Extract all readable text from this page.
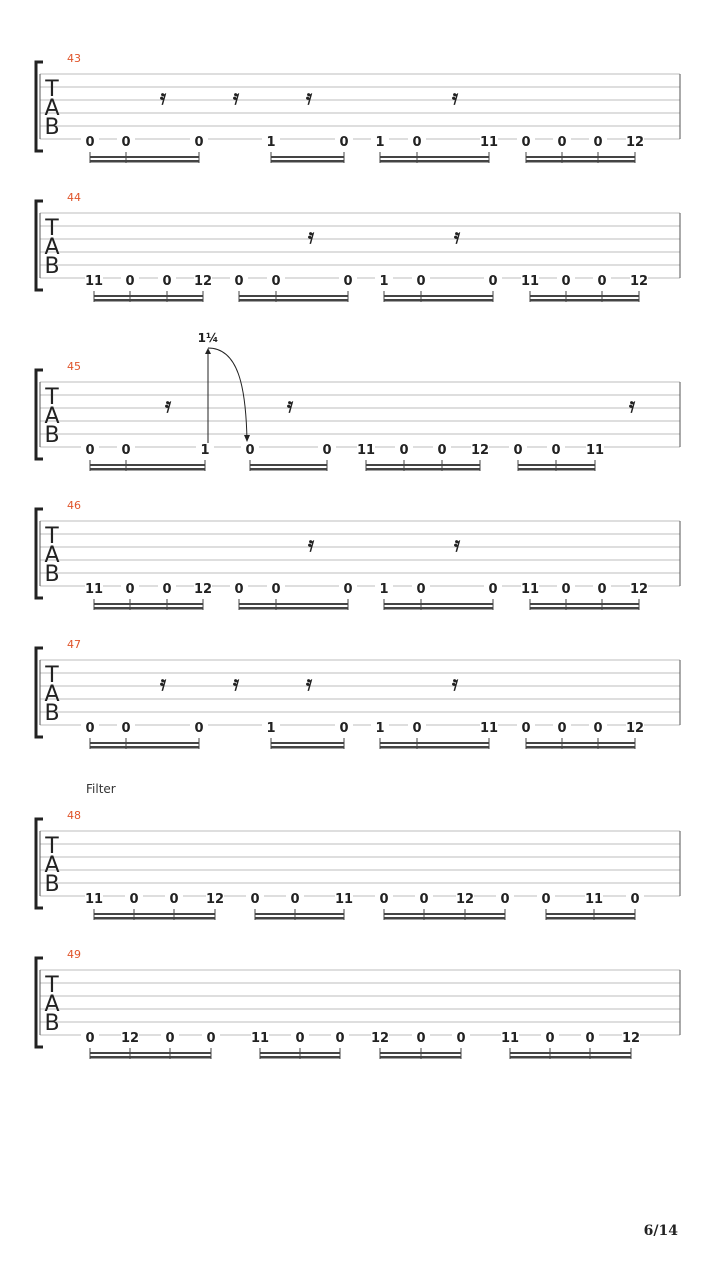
T
A
B
43
0 0	0	1	0 1 0	11 0 0 0 12
𝄿	𝄿	𝄿	𝄿
T
A
B
44
11 0 0 12 0 0	0 1 0	0 11 0 0 12
𝄿	𝄿
T
A
B
45
0 0	1	0	0 11 0 0 12 0 0 11
𝄿	𝄿	𝄿
1¼
T
A
B
46
11 0 0 12 0 0	0 1 0	0 11 0 0 12
𝄿	𝄿
T
A
B
47
0 0	0	1	0 1 0	11 0 0 0 12
𝄿	𝄿	𝄿	𝄿
T
A
B
48
Filter
11 0 0 12 0 0	11 0 0 12 0 0	11 0
T
A
B
49
0 12 0 0	11 0 0 12 0 0	11 0 0 12
6/14
